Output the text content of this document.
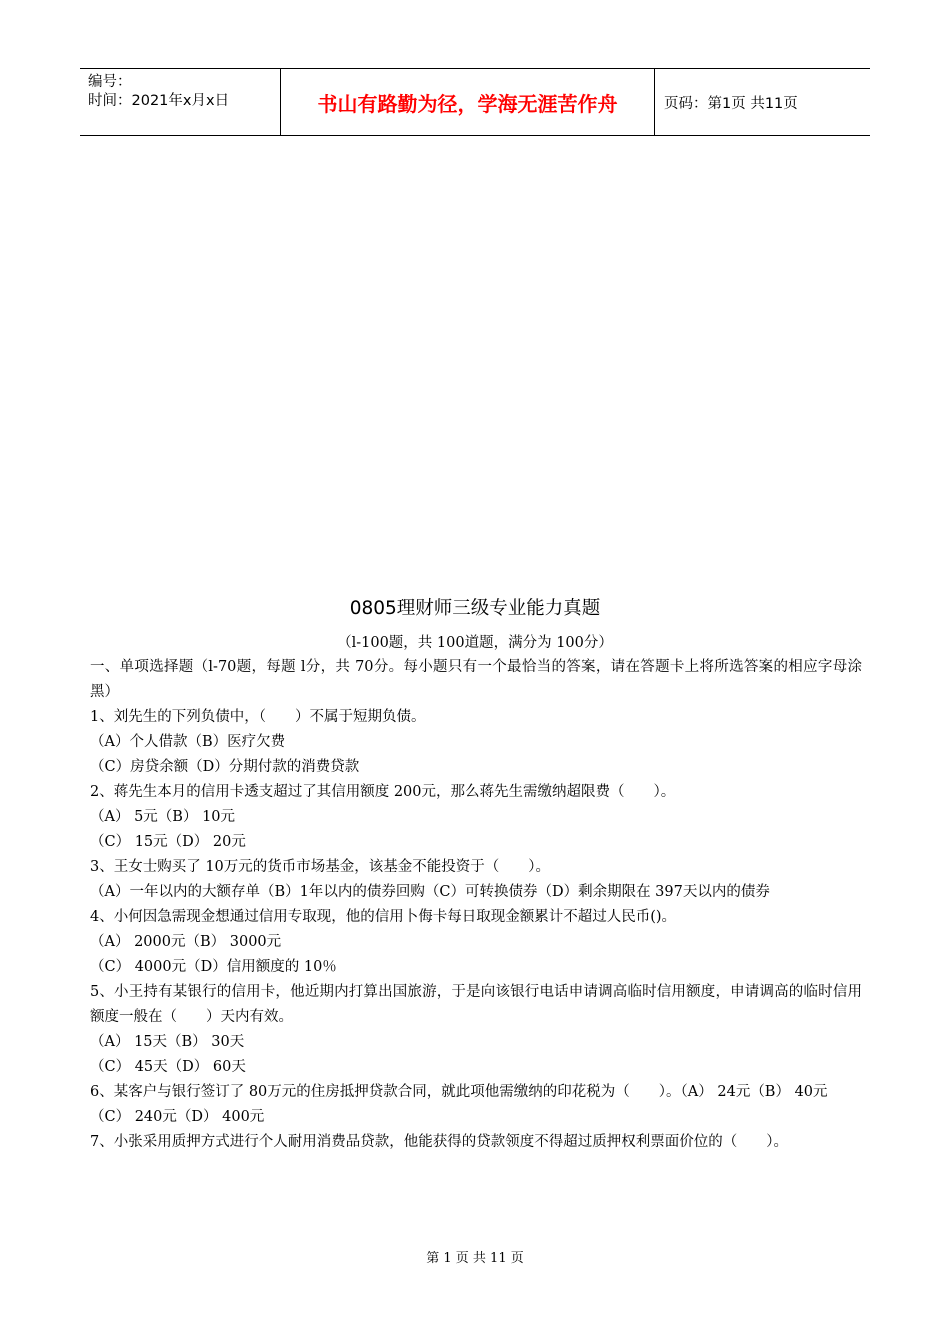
编号：
时间：2021年x月x日	书山有路勤为径，学海无涯苦作舟	页码：第1页 共11页
0805理财师三级专业能力真题
（l-100题，共 100道题，满分为 100分）

一、单项选择题（l-70题，每题 l分，共 70分。每小题只有一个最恰当的答案，请在答题卡上将所选答案的相应字母涂黑）

1、刘先生的下列负债中，（　　）不属于短期负债。

（A）个人借款（B）医疗欠费

（C）房贷余额（D）分期付款的消费贷款

2、蒋先生本月的信用卡透支超过了其信用额度 200元，那么蒋先生需缴纳超限费（　　）。

（A） 5元（B） 10元

（C） 15元（D） 20元

3、王女士购买了 10万元的货币市场基金，该基金不能投资于（　　）。

（A）一年以内的大额存单（B）1年以内的债券回购（C）可转换债券（D）剩余期限在 397天以内的债券

4、小何因急需现金想通过信用专取现，他的信用卜侮卡每日取现金额累计不超过人民币()。

（A） 2000元（B） 3000元

（C） 4000元（D）信用额度的 10％

5、小王持有某银行的信用卡，他近期内打算出国旅游，于是向该银行电话申请调高临时信用额度，申请调高的临时信用额度一般在（　　）天内有效。

（A） 15天（B） 30天

（C） 45天（D） 60天

6、某客户与银行签订了 80万元的住房抵押贷款合同，就此项他需缴纳的印花税为（　　）。（A） 24元（B） 40元

（C） 240元（D） 400元

7、小张采用质押方式进行个人耐用消费品贷款，他能获得的贷款领度不得超过质押权利票面价位的（　　）。

第 1 页 共 11 页
